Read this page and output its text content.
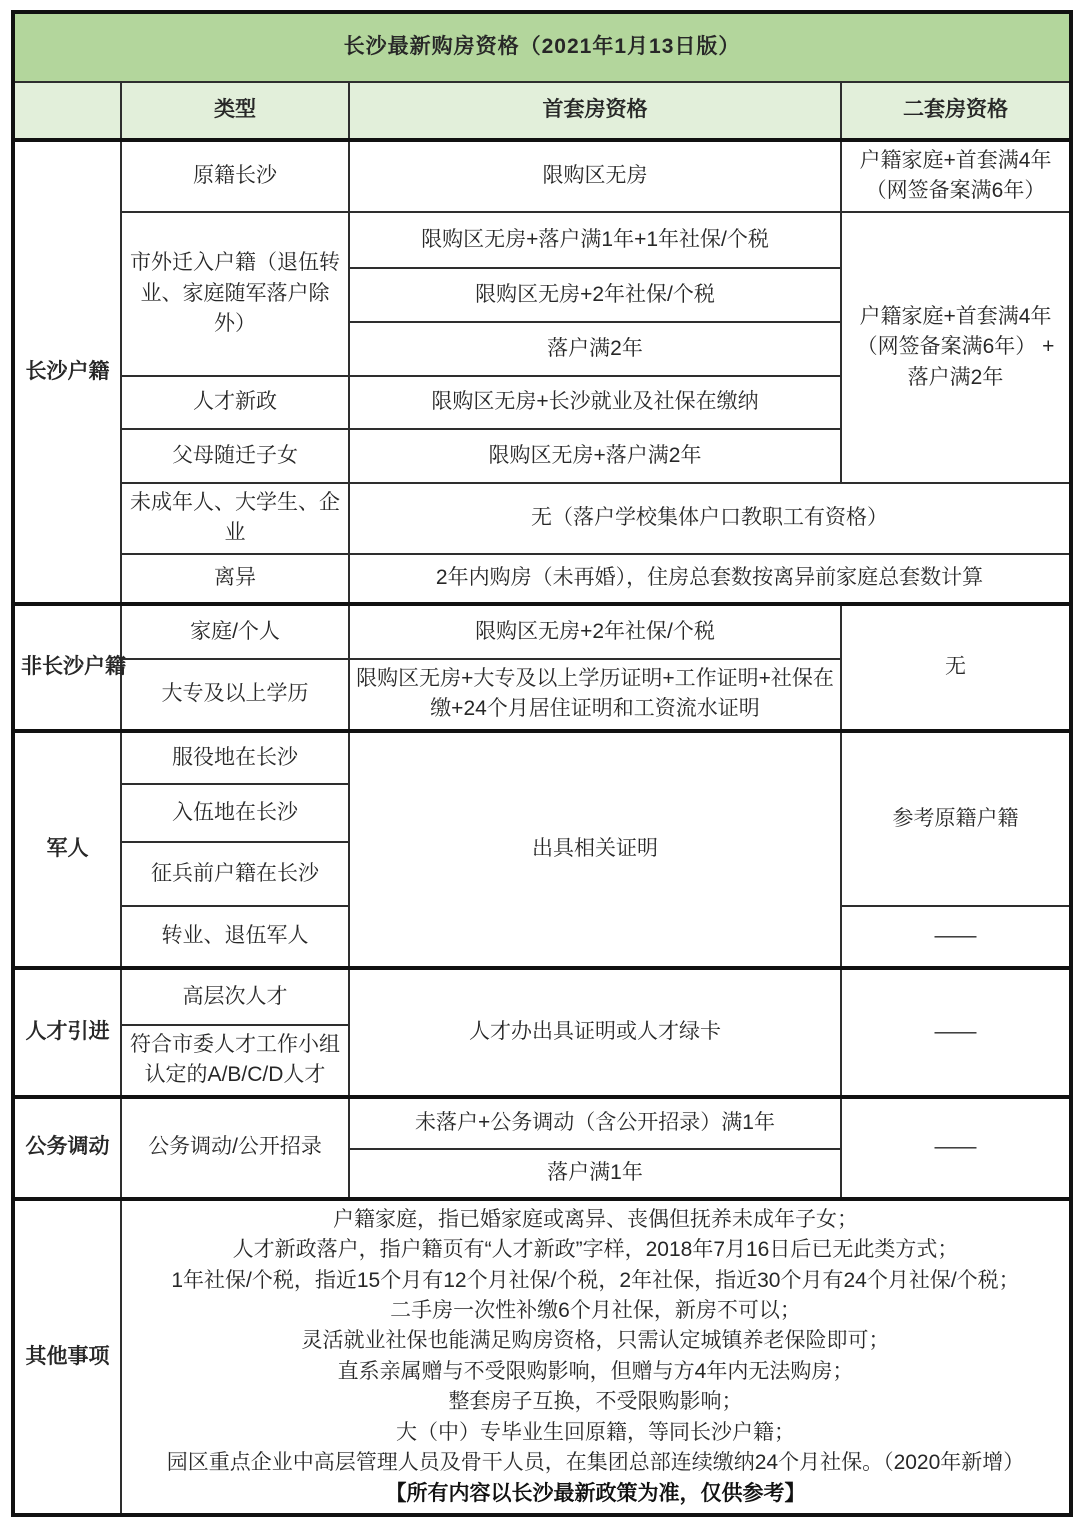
长沙最新购房资格（2021年1月13日版）			
	类型	首套房资格	二套房资格
长沙户籍	原籍长沙	限购区无房	户籍家庭+首套满4年（网签备案满6年）
	市外迁入户籍（退伍转业、家庭随军落户除外）	限购区无房+落户满1年+1年社保/个税	户籍家庭+首套满4年（网签备案满6年） + 落户满2年
		限购区无房+2年社保/个税	
		落户满2年	
	人才新政	限购区无房+长沙就业及社保在缴纳	
	父母随迁子女	限购区无房+落户满2年	
	未成年人、大学生、企业	无（落户学校集体户口教职工有资格）	
	离异	2年内购房（未再婚），住房总套数按离异前家庭总套数计算	
非长沙户籍	家庭/个人	限购区无房+2年社保/个税	无
	大专及以上学历	限购区无房+大专及以上学历证明+工作证明+社保在缴+24个月居住证明和工资流水证明	
军人	服役地在长沙	出具相关证明	参考原籍户籍
	入伍地在长沙		
	征兵前户籍在长沙		
	转业、退伍军人		——
人才引进	高层次人才	人才办出具证明或人才绿卡	——
	符合市委人才工作小组认定的A/B/C/D人才		
公务调动	公务调动/公开招录	未落户+公务调动（含公开招录）满1年	——
		落户满1年	
其他事项	

户籍家庭，指已婚家庭或离异、丧偶但抚养未成年子女；

人才新政落户，指户籍页有“人才新政”字样，2018年7月16日后已无此类方式；

1年社保/个税，指近15个月有12个月社保/个税，2年社保，指近30个月有24个月社保/个税；

二手房一次性补缴6个月社保，新房不可以；

灵活就业社保也能满足购房资格，只需认定城镇养老保险即可；

直系亲属赠与不受限购影响，但赠与方4年内无法购房；

整套房子互换，不受限购影响；

大（中）专毕业生回原籍，等同长沙户籍；

园区重点企业中高层管理人员及骨干人员，在集团总部连续缴纳24个月社保。（2020年新增）

【所有内容以长沙最新政策为准，仅供参考】
